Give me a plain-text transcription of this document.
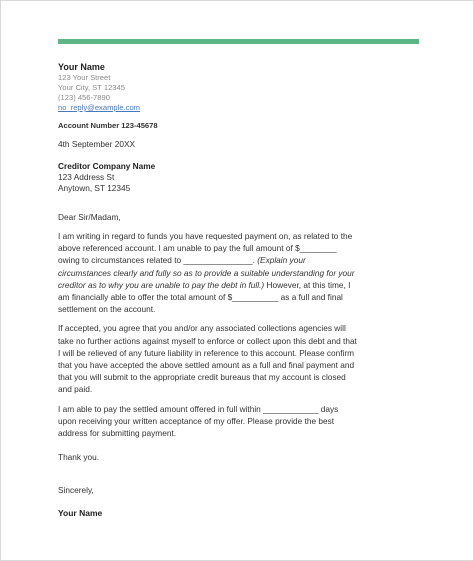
Your Name

123 Your Street

Your City, ST 12345

(123) 456-7890

no_reply@example.com

Account Number 123-45678

4th September 20XX

Creditor Company Name

123 Address St

Anytown, ST 12345

Dear Sir/Madam,

I am writing in regard to funds you have requested payment on, as related to the above referenced account. I am unable to pay the full amount of $________ owing to circumstances related to _______________. (Explain your circumstances clearly and fully so as to provide a suitable understanding for your creditor as to why you are unable to pay the debt in full.) However, at this time, I am financially able to offer the total amount of $__________ as a full and final settlement on the account.

If accepted, you agree that you and/or any associated collections agencies will take no further actions against myself to enforce or collect upon this debt and that I will be relieved of any future liability in reference to this account. Please confirm that you have accepted the above settled amount as a full and final payment and that you will submit to the appropriate credit bureaus that my account is closed and paid.

I am able to pay the settled amount offered in full within ____________ days upon receiving your written acceptance of my offer. Please provide the best address for submitting payment.

Thank you.

Sincerely,

Your Name
